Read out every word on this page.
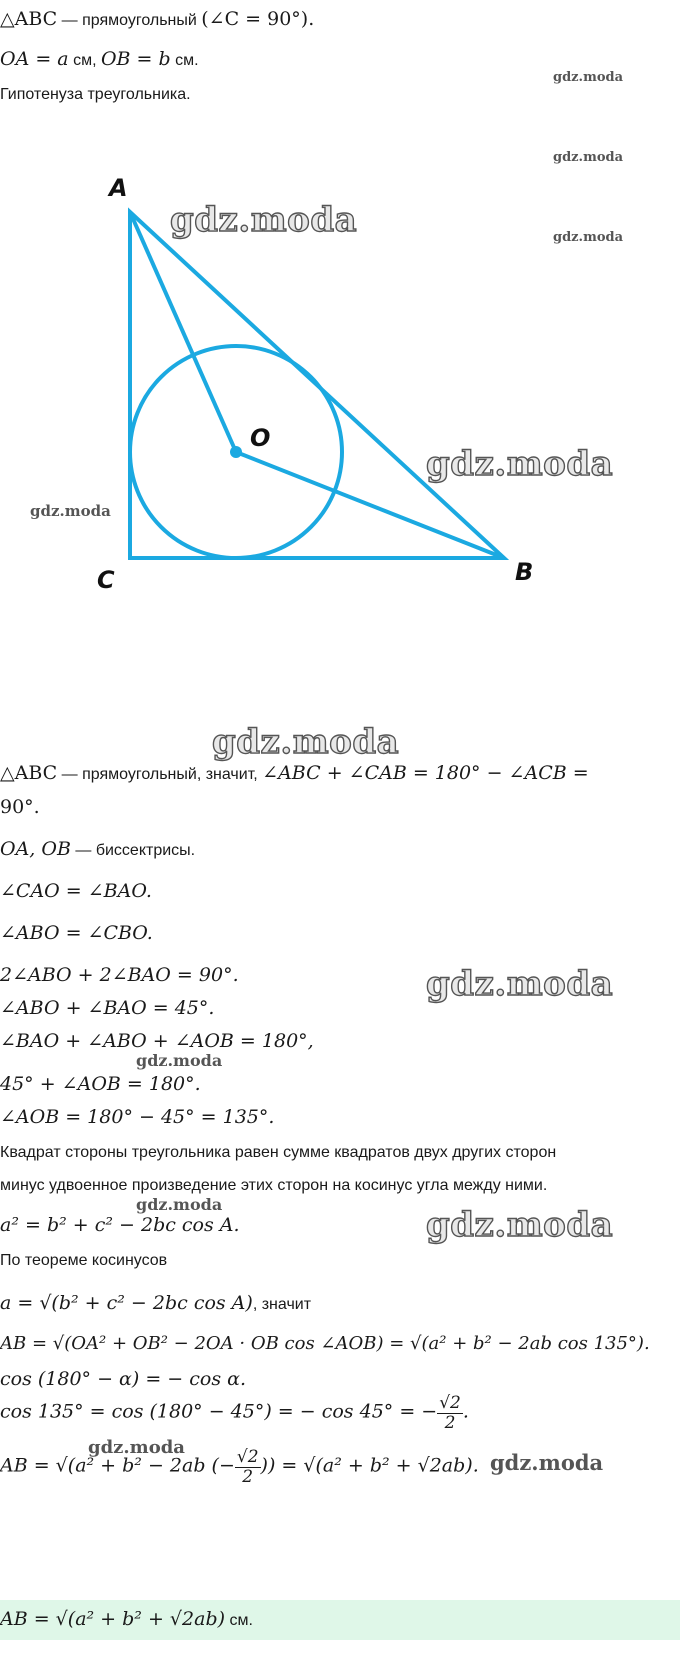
△ABC — прямоугольный (∠C = 90°).
OA = a см, OB = b см.
Гипотенуза треугольника.
gdz.moda
gdz.moda
gdz.moda
A
O
C	B
gdz.moda
gdz.moda
gdz.moda
gdz.moda
△ABC — прямоугольный, значит, ∠ABC + ∠CAB = 180° − ∠ACB =
90°.
OA, OB — биссектрисы.
∠CAO = ∠BAO.
∠ABO = ∠CBO.
2∠ABO + 2∠BAO = 90°.
∠ABO + ∠BAO = 45°.
∠BAO + ∠ABO + ∠AOB = 180°,
45° + ∠AOB = 180°.
∠AOB = 180° − 45° = 135°.
gdz.moda
gdz.moda
Квадрат стороны треугольника равен сумме квадратов двух других сторон
минус удвоенное произведение этих сторон на косинус угла между ними.
gdz.moda
a² = b² + c² − 2bc cos A.	gdz.moda
По теореме косинусов
a = √(b² + c² − 2bc cos A), значит
AB = √(OA² + OB² − 2OA · OB cos ∠AOB) = √(a² + b² − 2ab cos 135°).
cos (180° − α) = − cos α.
cos 135° = cos (180° − 45°) = − cos 45° = − $\frac{√2}{2}$ .
gdz.moda
AB = √(a² + b² − 2ab (− $\frac{√2}{2}$ )) = √(a² + b² + √2ab). gdz.moda
AB = √(a² + b² + √2ab) см.
